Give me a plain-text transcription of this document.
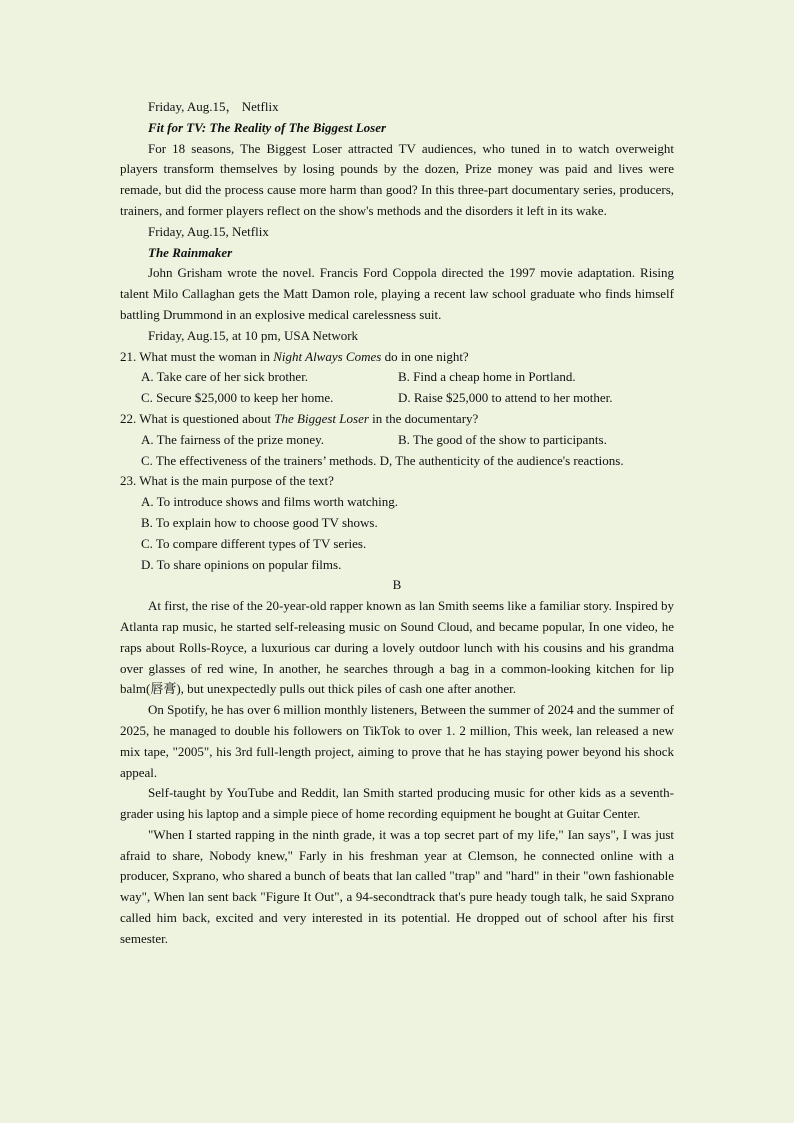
Friday, Aug.15， Netflix

Fit for TV: The Reality of The Biggest Loser

For 18 seasons, The Biggest Loser attracted TV audiences, who tuned in to watch overweight players transform themselves by losing pounds by the dozen, Prize money was paid and lives were remade, but did the process cause more harm than good? In this three-part documentary series, producers, trainers, and former players reflect on the show's methods and the disorders it left in its wake.

Friday, Aug.15, Netflix

The Rainmaker

John Grisham wrote the novel. Francis Ford Coppola directed the 1997 movie adaptation. Rising talent Milo Callaghan gets the Matt Damon role, playing a recent law school graduate who finds himself battling Drummond in an explosive medical carelessness suit.

Friday, Aug.15, at 10 pm, USA Network

21. What must the woman in Night Always Comes do in one night?

A. Take care of her sick brother.	B. Find a cheap home in Portland.

C. Secure $25,000 to keep her home.	D. Raise $25,000 to attend to her mother.

22. What is questioned about The Biggest Loser in the documentary?

A. The fairness of the prize money.	B. The good of the show to participants.

C. The effectiveness of the trainers’ methods. D, The authenticity of the audience's reactions.

23. What is the main purpose of the text?

A. To introduce shows and films worth watching.

B. To explain how to choose good TV shows.

C. To compare different types of TV series.

D. To share opinions on popular films.

B

At first, the rise of the 20-year-old rapper known as lan Smith seems like a familiar story. Inspired by Atlanta rap music, he started self-releasing music on Sound Cloud, and became popular, In one video, he raps about Rolls-Royce, a luxurious car during a lovely outdoor lunch with his cousins and his grandma over glasses of red wine, In another, he searches through a bag in a common-looking kitchen for lip balm(唇膏), but unexpectedly pulls out thick piles of cash one after another.

On Spotify, he has over 6 million monthly listeners, Between the summer of 2024 and the summer of 2025, he managed to double his followers on TikTok to over 1. 2 million, This week, lan released a new mix tape, "2005", his 3rd full-length project, aiming to prove that he has staying power beyond his shock appeal.

Self-taught by YouTube and Reddit, lan Smith started producing music for other kids as a seventh-grader using his laptop and a simple piece of home recording equipment he bought at Guitar Center.

"When I started rapping in the ninth grade, it was a top secret part of my life," Ian says", I was just afraid to share, Nobody knew," Farly in his freshman year at Clemson, he connected online with a producer, Sxprano, who shared a bunch of beats that lan called "trap" and "hard" in their "own fashionable way", When lan sent back "Figure It Out", a 94-secondtrack that's pure heady tough talk, he said Sxprano called him back, excited and very interested in its potential. He dropped out of school after his first semester.
